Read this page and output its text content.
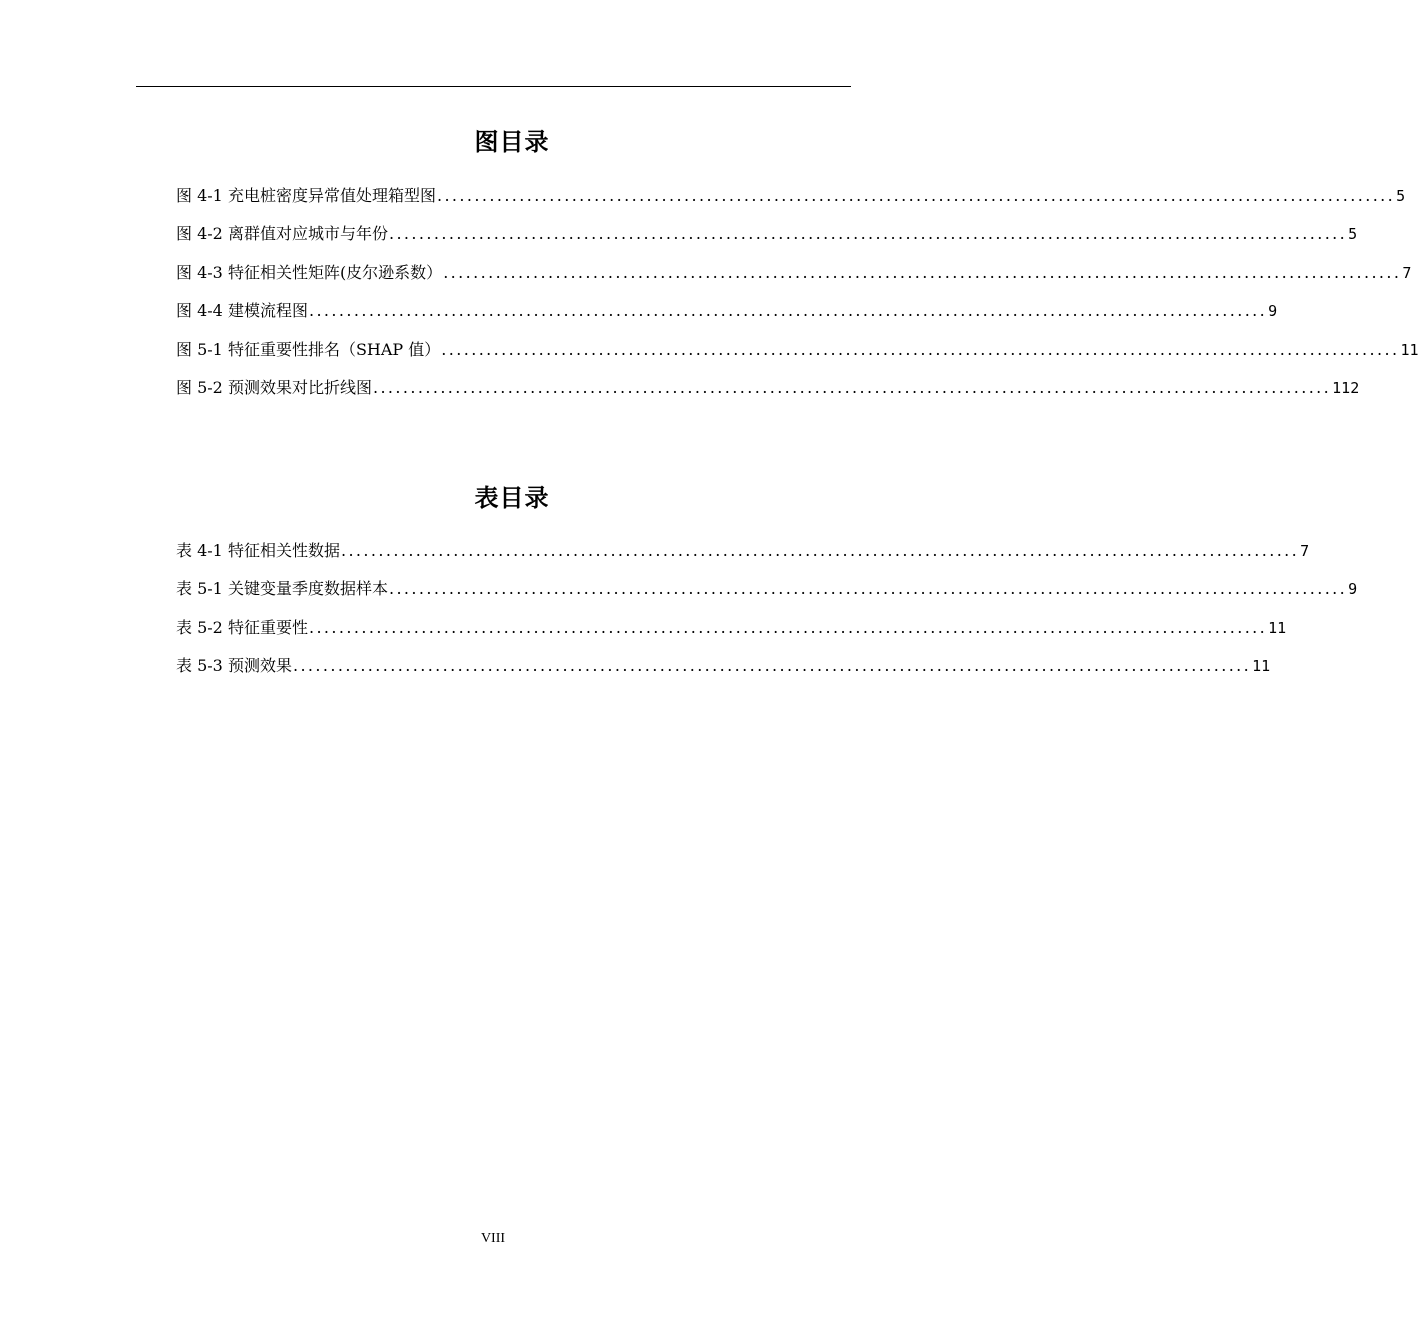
图目录
图 4-1 充电桩密度异常值处理箱型图 ................................................................................................................................ 5
图 4-2 离群值对应城市与年份 ................................................................................................................................ 5
图 4-3 特征相关性矩阵(皮尔逊系数） ................................................................................................................................ 7
图 4-4 建模流程图 ................................................................................................................................ 9
图 5-1 特征重要性排名（SHAP 值） ................................................................................................................................ 11
图 5-2 预测效果对比折线图 ................................................................................................................................ 112
表目录
表 4-1 特征相关性数据 ................................................................................................................................ 7
表 5-1 关键变量季度数据样本 ................................................................................................................................ 9
表 5-2 特征重要性 ................................................................................................................................ 11
表 5-3 预测效果 ................................................................................................................................ 11
VIII
